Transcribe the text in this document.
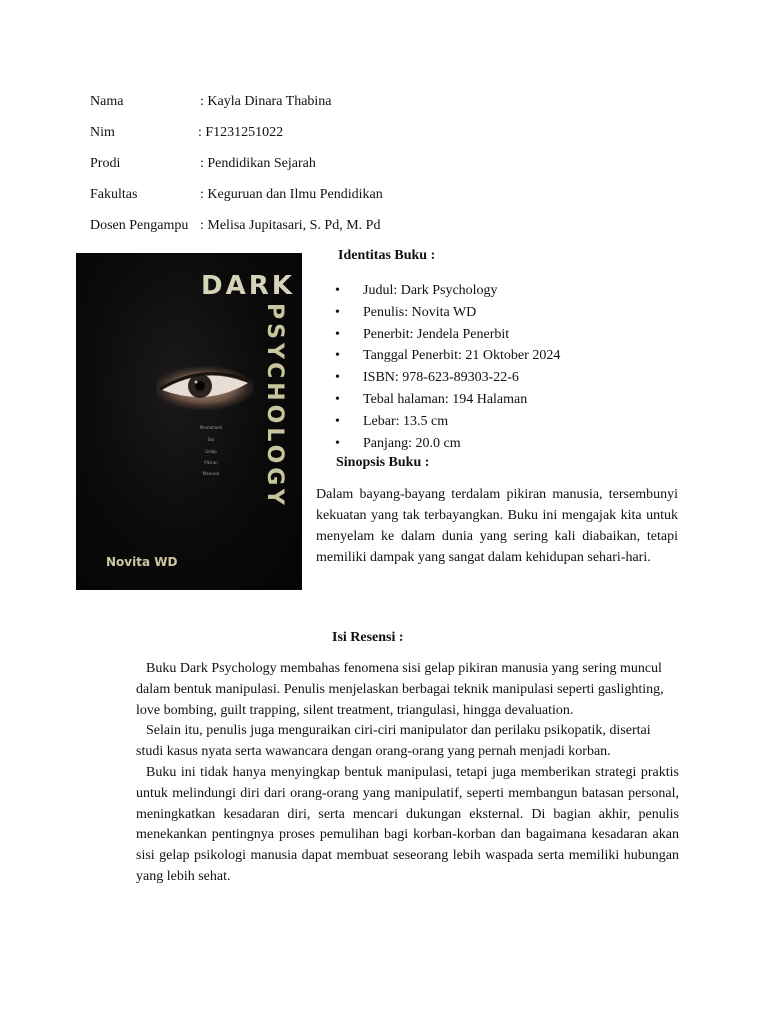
Nama	: Kayla Dinara Thabina
Nim	: F1231251022
Prodi	: Pendidikan Sejarah
Fakultas	: Keguruan dan Ilmu Pendidikan
Dosen Pengampu : Melisa Jupitasari, S. Pd, M. Pd
DARK
PSYCHOLOGY
Memahami
Sisi
Gelap
Pikiran
Manusia
Novita WD
Identitas Buku :
• Judul: Dark Psychology
• Penulis: Novita WD
• Penerbit: Jendela Penerbit
• Tanggal Penerbit: 21 Oktober 2024
• ISBN: 978-623-89303-22-6
• Tebal halaman: 194 Halaman
• Lebar: 13.5 cm
• Panjang: 20.0 cm
Sinopsis Buku :
Dalam bayang-bayang terdalam pikiran manusia, tersembunyi kekuatan yang tak terbayangkan. Buku ini mengajak kita untuk menyelam ke dalam dunia yang sering kali diabaikan, tetapi memiliki dampak yang sangat dalam kehidupan sehari-hari.
Isi Resensi :

Buku Dark Psychology membahas fenomena sisi gelap pikiran manusia yang sering muncul dalam bentuk manipulasi. Penulis menjelaskan berbagai teknik manipulasi seperti gaslighting, love bombing, guilt trapping, silent treatment, triangulasi, hingga devaluation.

Selain itu, penulis juga menguraikan ciri-ciri manipulator dan perilaku psikopatik, disertai studi kasus nyata serta wawancara dengan orang-orang yang pernah menjadi korban.

Buku ini tidak hanya menyingkap bentuk manipulasi, tetapi juga memberikan strategi praktis untuk melindungi diri dari orang-orang yang manipulatif, seperti membangun batasan personal, meningkatkan kesadaran diri, serta mencari dukungan eksternal. Di bagian akhir, penulis menekankan pentingnya proses pemulihan bagi korban-korban dan bagaimana kesadaran akan sisi gelap psikologi manusia dapat membuat seseorang lebih waspada serta memiliki hubungan yang lebih sehat.
